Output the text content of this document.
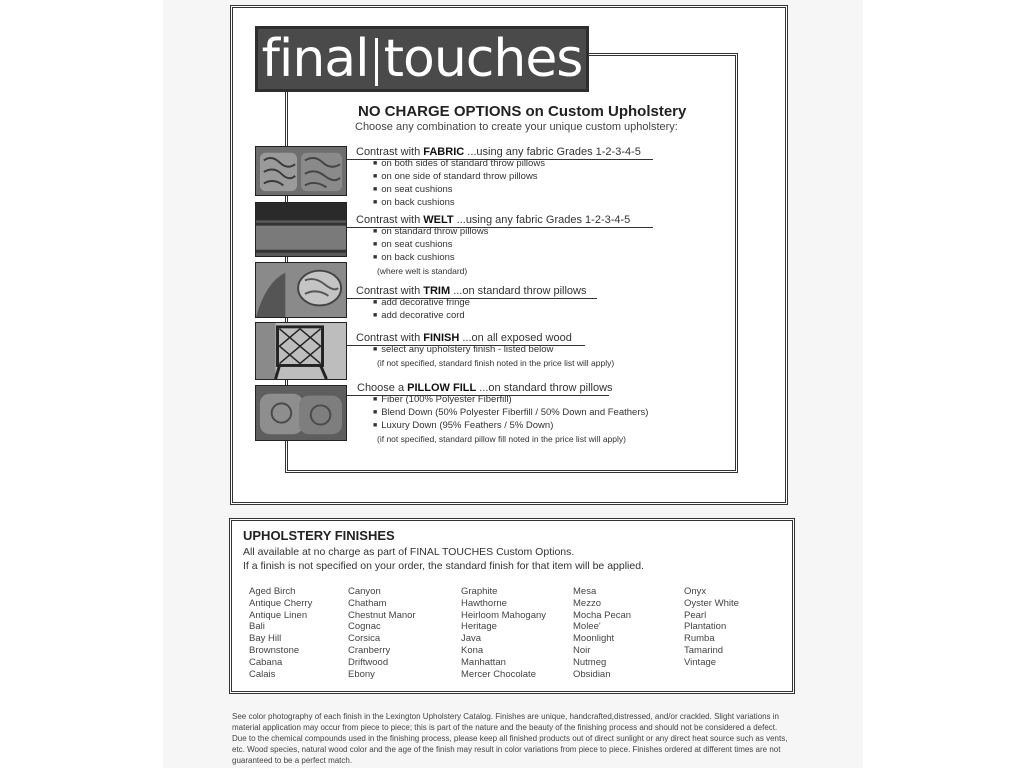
final touches
NO CHARGE OPTIONS on Custom Upholstery
Choose any combination to create your unique custom upholstery:
Contrast with FABRIC ...using any fabric Grades 1-2-3-4-5
■ on both sides of standard throw pillows
■ on one side of standard throw pillows
■ on seat cushions
■ on back cushions
Contrast with WELT ...using any fabric Grades 1-2-3-4-5
■ on standard throw pillows
■ on seat cushions
■ on back cushions
(where welt is standard)
Contrast with TRIM ...on standard throw pillows
■ add decorative fringe
■ add decorative cord
Contrast with FINISH ...on all exposed wood
■ select any upholstery finish - listed below
(if not specified, standard finish noted in the price list will apply)
Choose a PILLOW FILL ...on standard throw pillows
■ Fiber (100% Polyester Fiberfill)
■ Blend Down (50% Polyester Fiberfill / 50% Down and Feathers)
■ Luxury Down (95% Feathers / 5% Down)
(if not specified, standard pillow fill noted in the price list will apply)
UPHOLSTERY FINISHES
All available at no charge as part of FINAL TOUCHES Custom Options.
If a finish is not specified on your order, the standard finish for that item will be applied.
Aged Birch
Antique Cherry
Antique Linen
Bali
Bay Hill
Brownstone
Cabana
Calais
Canyon
Chatham
Chestnut Manor
Cognac
Corsica
Cranberry
Driftwood
Ebony
Graphite
Hawthorne
Heirloom Mahogany
Heritage
Java
Kona
Manhattan
Mercer Chocolate
Mesa
Mezzo
Mocha Pecan
Molee'
Moonlight
Noir
Nutmeg
Obsidian
Onyx
Oyster White
Pearl
Plantation
Rumba
Tamarind
Vintage
See color photography of each finish in the Lexington Upholstery Catalog. Finishes are unique, handcrafted,distressed, and/or crackled. Slight variations in material application may occur from piece to piece; this is part of the nature and the beauty of the finishing process and should not be considered a defect. Due to the chemical compounds used in the finishing process, please keep all finished products out of direct sunlight or any direct heat source such as vents, etc. Wood species, natural wood color and the age of the finish may result in color variations from piece to piece. Finishes ordered at different times are not guaranteed to be a perfect match.
